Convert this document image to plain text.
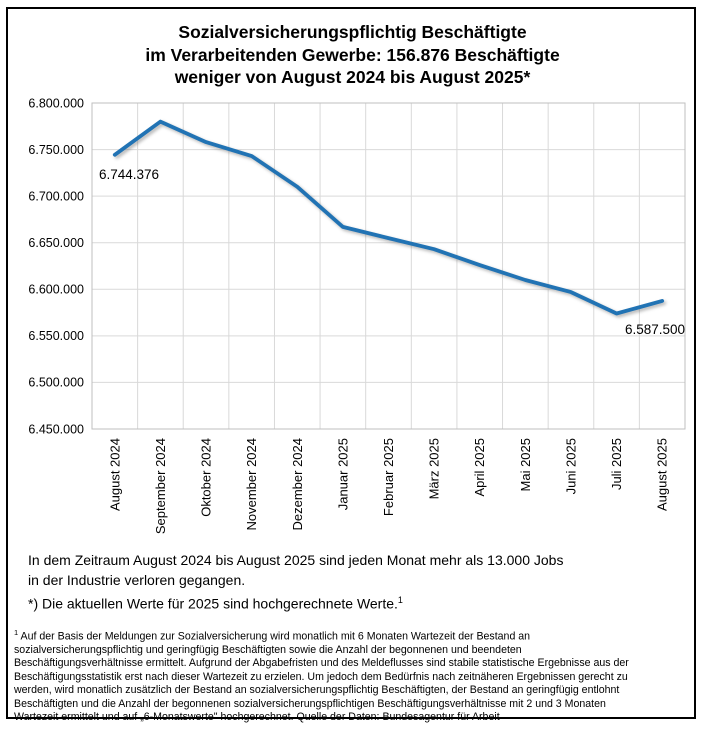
Sozialversicherungspflichtig Beschäftigte
im Verarbeitenden Gewerbe: 156.876 Beschäftigte
weniger von August 2024 bis August 2025*
6.800.000
6.750.000
6.700.000
6.650.000
6.600.000
6.550.000
6.500.000
6.450.000
August 2024 September 2024 Oktober 2024 November 2024 Dezember 2024 Januar 2025 Februar 2025 März 2025 April 2025 Mai 2025 Juni 2025 Juli 2025 August 2025
6.744.376
6.587.500
In dem Zeitraum August 2024 bis August 2025 sind jeden Monat mehr als 13.000 Jobs
in der Industrie verloren gegangen.
*) Die aktuellen Werte für 2025 sind hochgerechnete Werte.$^1$
$^1$ Auf der Basis der Meldungen zur Sozialversicherung wird monatlich mit 6 Monaten Wartezeit der Bestand an
sozialversicherungspflichtig und geringfügig Beschäftigten sowie die Anzahl der begonnenen und beendeten
Beschäftigungsverhältnisse ermittelt. Aufgrund der Abgabefristen und des Meldeflusses sind stabile statistische Ergebnisse aus der
Beschäftigungsstatistik erst nach dieser Wartezeit zu erzielen. Um jedoch dem Bedürfnis nach zeitnäheren Ergebnissen gerecht zu
werden, wird monatlich zusätzlich der Bestand an sozialversicherungspflichtig Beschäftigten, der Bestand an geringfügig entlohnt
Beschäftigten und die Anzahl der begonnenen sozialversicherungspflichtigen Beschäftigungsverhältnisse mit 2 und 3 Monaten
Wartezeit ermittelt und auf „6-Monatswerte" hochgerechnet. Quelle der Daten: Bundesagentur für Arbeit
